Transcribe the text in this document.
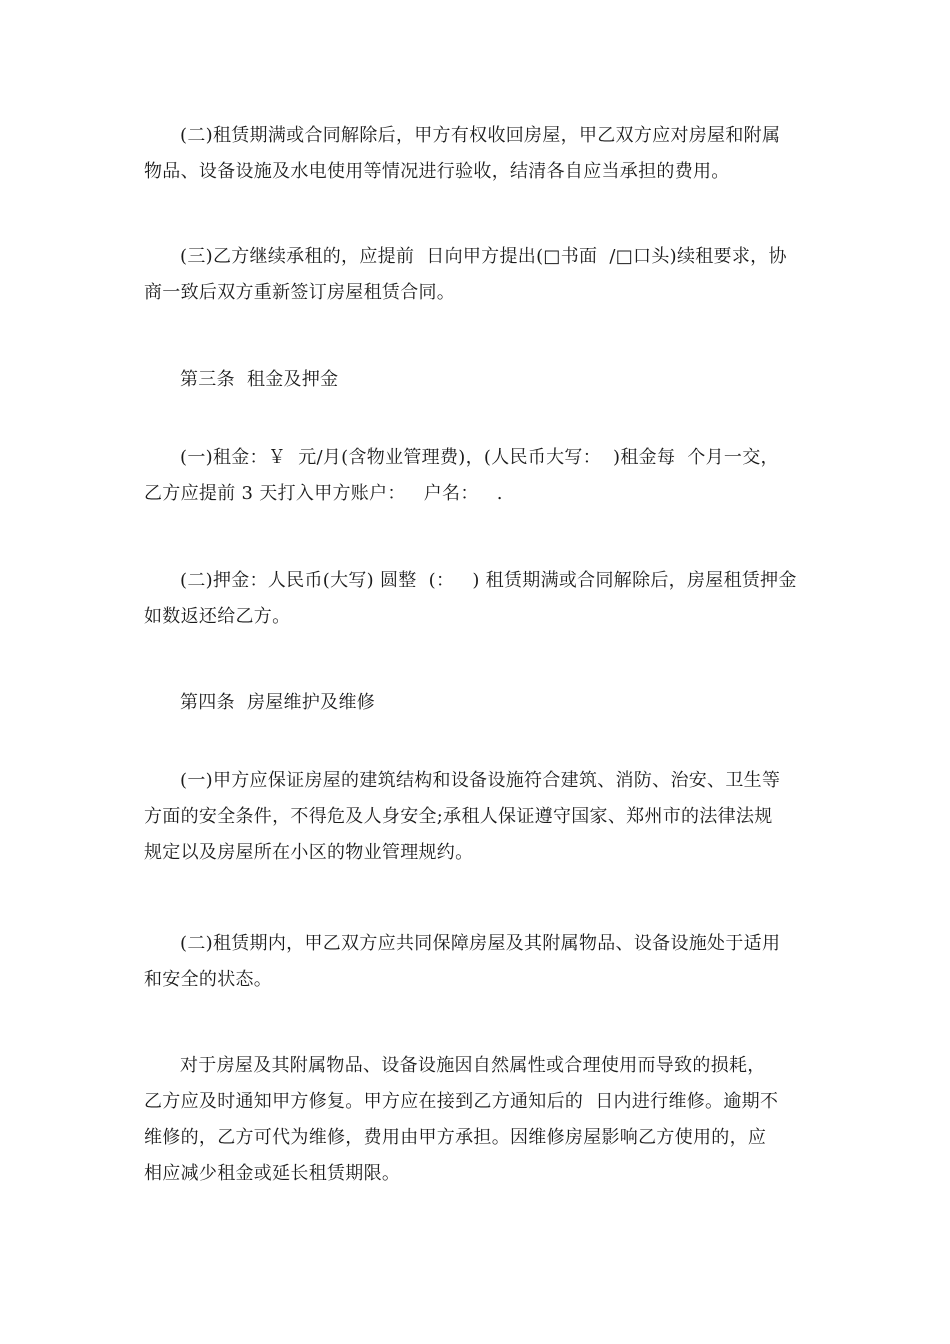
(二)租赁期满或合同解除后，甲方有权收回房屋，甲乙双方应对房屋和附属
物品、设备设施及水电使用等情况进行验收，结清各自应当承担的费用。
(三)乙方继续承租的，应提前  日向甲方提出(□书面  /□口头)续租要求，协
商一致后双方重新签订房屋租赁合同。
第三条  租金及押金
(一)租金：￥  元/月(含物业管理费)，(人民币大写：  )租金每  个月一交，
乙方应提前 3 天打入甲方账户：   户名：   .
(二)押金：人民币(大写) 圆整  (：   ) 租赁期满或合同解除后，房屋租赁押金
如数返还给乙方。
第四条  房屋维护及维修
(一)甲方应保证房屋的建筑结构和设备设施符合建筑、消防、治安、卫生等
方面的安全条件，不得危及人身安全;承租人保证遵守国家、郑州市的法律法规
规定以及房屋所在小区的物业管理规约。
(二)租赁期内，甲乙双方应共同保障房屋及其附属物品、设备设施处于适用
和安全的状态。
对于房屋及其附属物品、设备设施因自然属性或合理使用而导致的损耗，
乙方应及时通知甲方修复。甲方应在接到乙方通知后的  日内进行维修。逾期不
维修的，乙方可代为维修，费用由甲方承担。因维修房屋影响乙方使用的，应
相应减少租金或延长租赁期限。
